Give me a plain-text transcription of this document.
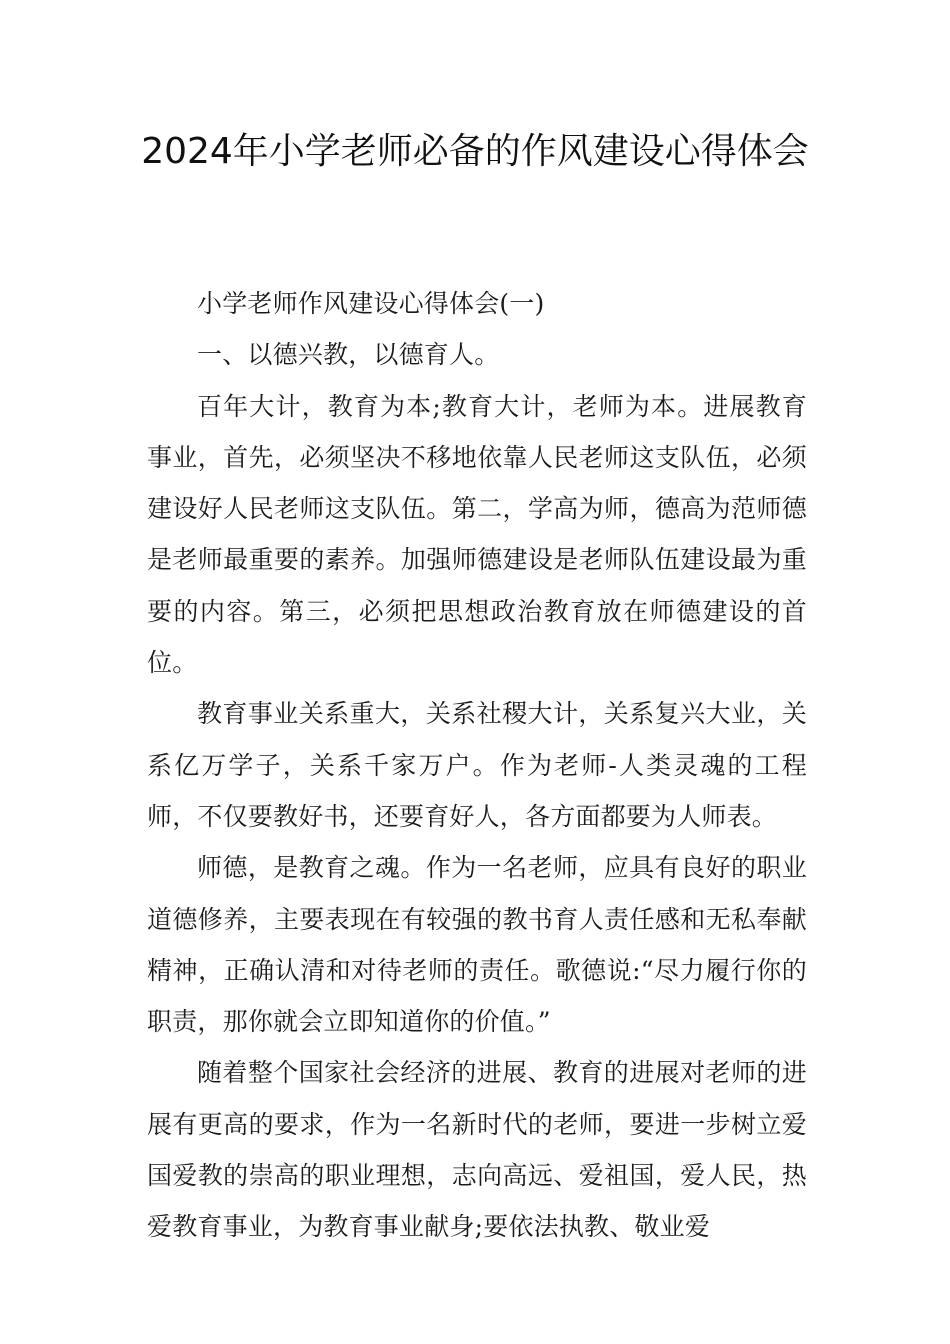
2024年小学老师必备的作风建设心得体会

小学老师作风建设心得体会(一)

一、以德兴教，以德育人。

百年大计，教育为本;教育大计，老师为本。进展教育事业，首先，必须坚决不移地依靠人民老师这支队伍，必须建设好人民老师这支队伍。第二，学高为师，德高为范师德是老师最重要的素养。加强师德建设是老师队伍建设最为重要的内容。第三，必须把思想政治教育放在师德建设的首位。

教育事业关系重大，关系社稷大计，关系复兴大业，关系亿万学子，关系千家万户。作为老师-人类灵魂的工程师，不仅要教好书，还要育好人，各方面都要为人师表。

师德，是教育之魂。作为一名老师，应具有良好的职业道德修养，主要表现在有较强的教书育人责任感和无私奉献精神，正确认清和对待老师的责任。歌德说:“尽力履行你的职责，那你就会立即知道你的价值。”

随着整个国家社会经济的进展、教育的进展对老师的进展有更高的要求，作为一名新时代的老师，要进一步树立爱国爱教的崇高的职业理想，志向高远、爱祖国，爱人民，热爱教育事业，为教育事业献身;要依法执教、敬业爱
